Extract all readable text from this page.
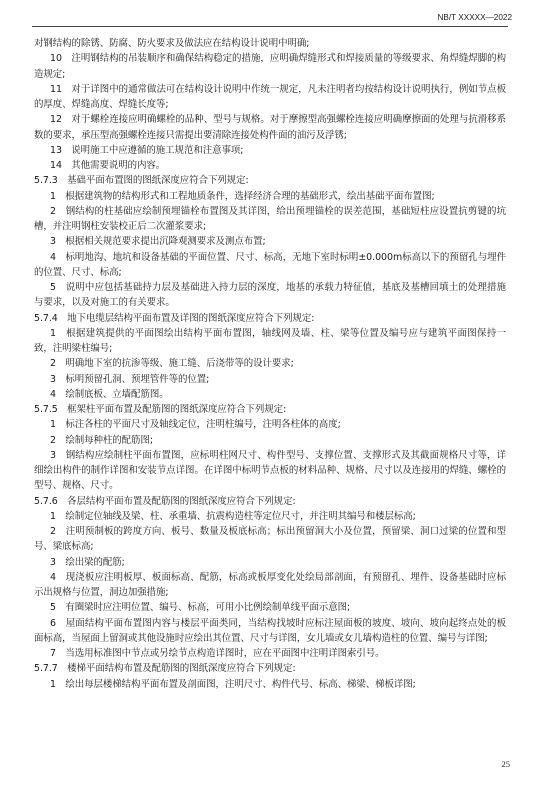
NB/T XXXXX—2022

对钢结构的除锈、防腐、防火要求及做法应在结构设计说明中明确;

10　注明钢结构的吊装顺序和确保结构稳定的措施，应明确焊缝形式和焊接质量的等级要求、角焊缝焊脚的构造规定;

11　对于详图中的通常做法可在结构设计说明中作统一规定，凡未注明者均按结构设计说明执行，例如节点板的厚度、焊缝高度、焊缝长度等;

12　对于螺栓连接应明确螺栓的品种、型号与规格。对于摩擦型高强螺栓连接应明确摩擦面的处理与抗滑移系数的要求，承压型高强螺栓连接只需提出要清除连接处构件面的油污及浮锈;

13　说明施工中应遵循的施工规范和注意事项;

14　其他需要说明的内容。

5.7.3　基础平面布置图的图纸深度应符合下列规定:

1　根据建筑物的结构形式和工程地质条件，选择经济合理的基础形式，绘出基础平面布置图;

2　钢结构的柱基础应绘制预埋锚栓布置图及其详图，给出预埋锚栓的误差范围，基础短柱应设置抗剪键的坑槽，并注明钢柱安装校正后二次灌浆要求;

3　根据相关规范要求提出沉降观测要求及测点布置;

4　标明地沟、地坑和设备基础的平面位置、尺寸、标高，无地下室时标明±0.000m标高以下的预留孔与埋件的位置、尺寸、标高;

5　说明中应包括基础持力层及基础进入持力层的深度，地基的承载力特征值，基底及基槽回填土的处理措施与要求，以及对施工的有关要求。

5.7.4　地下电缆层结构平面布置及详图的图纸深度应符合下列规定:

1　根据建筑提供的平面图绘出结构平面布置图，轴线网及墙、柱、梁等位置及编号应与建筑平面图保持一致，注明梁柱编号;

2　明确地下室的抗渗等级、施工缝、后浇带等的设计要求;

3　标明预留孔洞、预埋管件等的位置;

4　绘制底板、立墙配筋图。

5.7.5　框架柱平面布置及配筋图的图纸深度应符合下列规定:

1　标注各柱的平面尺寸及轴线定位，注明柱编号，注明各柱体的高度;

2　绘制每种柱的配筋图;

3　钢结构应绘制柱平面布置图，应标明柱网尺寸、构件型号、支撑位置、支撑形式及其截面规格尺寸等，详细绘出构件的制作详图和安装节点详图。在详图中标明节点板的材料品种、规格、尺寸以及连接用的焊缝、螺栓的型号、规格、尺寸。

5.7.6　各层结构平面布置及配筋图的图纸深度应符合下列规定:

1　绘制定位轴线及梁、柱、承重墙、抗震构造柱等定位尺寸，并注明其编号和楼层标高;

2　注明预制板的跨度方向、板号、数量及板底标高；标出预留洞大小及位置，预留梁、洞口过梁的位置和型号、梁底标高;

3　绘出梁的配筋;

4　现浇板应注明板厚、板面标高、配筋，标高或板厚变化处绘局部剖面，有预留孔、埋件、设备基础时应标示出规格与位置，洞边加强措施;

5　有圈梁时应注明位置、编号、标高，可用小比例绘制单线平面示意图;

6　屋面结构平面布置图内容与楼层平面类同，当结构找坡时应标注屋面板的坡度、坡向、坡向起终点处的板面标高，当屋面上留洞或其他设施时应绘出其位置、尺寸与详图，女儿墙或女儿墙构造柱的位置、编号与详图;

7　当选用标准图中节点或另绘节点构造详图时，应在平面图中注明详图索引号。

5.7.7　楼梯平面结构布置及配筋图的图纸深度应符合下列规定:

1　绘出每层楼梯结构平面布置及剖面图，注明尺寸、构件代号、标高、梯梁、梯板详图;

25
